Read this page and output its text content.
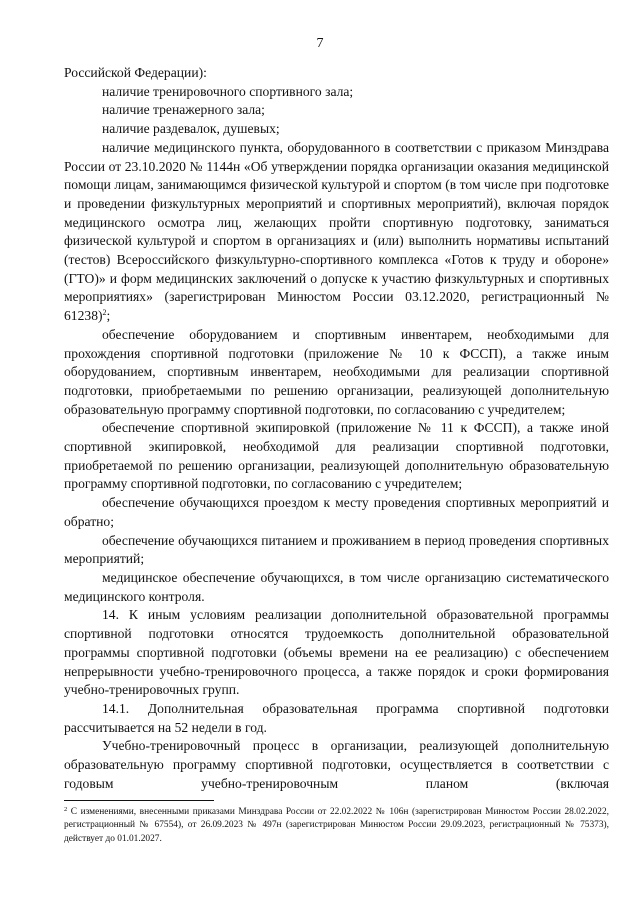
7

Российской Федерации):

наличие тренировочного спортивного зала;

наличие тренажерного зала;

наличие раздевалок, душевых;

наличие медицинского пункта, оборудованного в соответствии с приказом Минздрава России от 23.10.2020 № 1144н «Об утверждении порядка организации оказания медицинской помощи лицам, занимающимся физической культурой и спортом (в том числе при подготовке и проведении физкультурных мероприятий и спортивных мероприятий), включая порядок медицинского осмотра лиц, желающих пройти спортивную подготовку, заниматься физической культурой и спортом в организациях и (или) выполнить нормативы испытаний (тестов) Всероссийского физкультурно-спортивного комплекса «Готов к труду и обороне» (ГТО)» и форм медицинских заключений о допуске к участию физкультурных и спортивных мероприятиях» (зарегистрирован Минюстом России 03.12.2020, регистрационный № 61238)$^2$;

обеспечение оборудованием и спортивным инвентарем, необходимыми для прохождения спортивной подготовки (приложение № 10 к ФССП), а также иным оборудованием, спортивным инвентарем, необходимыми для реализации спортивной подготовки, приобретаемыми по решению организации, реализующей дополнительную образовательную программу спортивной подготовки, по согласованию с учредителем;

обеспечение спортивной экипировкой (приложение № 11 к ФССП), а также иной спортивной экипировкой, необходимой для реализации спортивной подготовки, приобретаемой по решению организации, реализующей дополнительную образовательную программу спортивной подготовки, по согласованию с учредителем;

обеспечение обучающихся проездом к месту проведения спортивных мероприятий и обратно;

обеспечение обучающихся питанием и проживанием в период проведения спортивных мероприятий;

медицинское обеспечение обучающихся, в том числе организацию систематического медицинского контроля.

14. К иным условиям реализации дополнительной образовательной программы спортивной подготовки относятся трудоемкость дополнительной образовательной программы спортивной подготовки (объемы времени на ее реализацию) с обеспечением непрерывности учебно-тренировочного процесса, а также порядок и сроки формирования учебно-тренировочных групп.

14.1. Дополнительная образовательная программа спортивной подготовки рассчитывается на 52 недели в год.

Учебно-тренировочный процесс в организации, реализующей дополнительную образовательную программу спортивной подготовки, осуществляется в соответствии с годовым учебно-тренировочным планом (включая

$^2$ С изменениями, внесенными приказами Минздрава России от 22.02.2022 № 106н (зарегистрирован Минюстом России 28.02.2022, регистрационный № 67554), от 26.09.2023 № 497н (зарегистрирован Минюстом России 29.09.2023, регистрационный № 75373), действует до 01.01.2027.
